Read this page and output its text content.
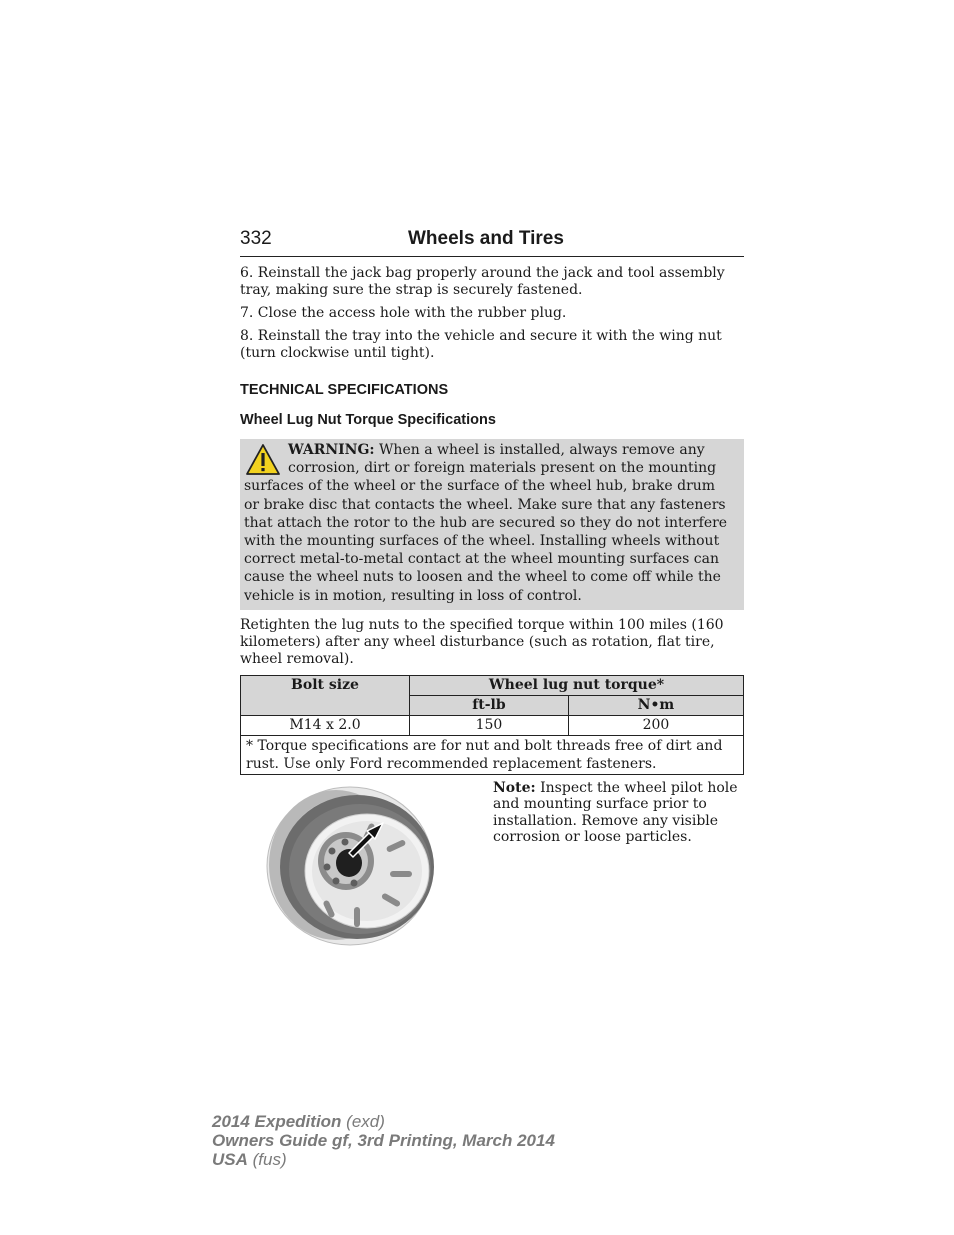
332	Wheels and Tires

6. Reinstall the jack bag properly around the jack and tool assembly tray, making sure the strap is securely fastened.

7. Close the access hole with the rubber plug.

8. Reinstall the tray into the vehicle and secure it with the wing nut (turn clockwise until tight).

TECHNICAL SPECIFICATIONS
Wheel Lug Nut Torque Specifications
WARNING: When a wheel is installed, always remove any corrosion, dirt or foreign materials present on the mounting surfaces of the wheel or the surface of the wheel hub, brake drum or brake disc that contacts the wheel. Make sure that any fasteners that attach the rotor to the hub are secured so they do not interfere with the mounting surfaces of the wheel. Installing wheels without correct metal-to-metal contact at the wheel mounting surfaces can cause the wheel nuts to loosen and the wheel to come off while the vehicle is in motion, resulting in loss of control.

Retighten the lug nuts to the specified torque within 100 miles (160 kilometers) after any wheel disturbance (such as rotation, flat tire, wheel removal).

Bolt size	Wheel lug nut torque*	
	ft-lb	N•m
M14 x 2.0	150	200
* Torque specifications are for nut and bolt threads free of dirt and rust. Use only Ford recommended replacement fasteners.		
Note: Inspect the wheel pilot hole and mounting surface prior to installation. Remove any visible corrosion or loose particles.
2014 Expedition (exd)
Owners Guide gf, 3rd Printing, March 2014
USA (fus)
